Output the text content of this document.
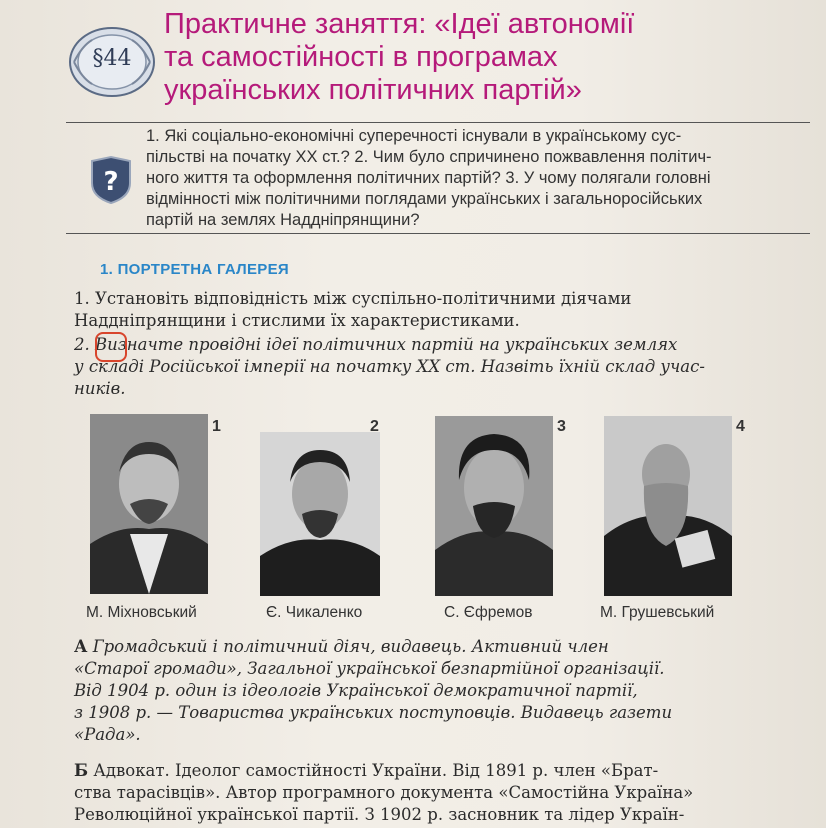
§44
Практичне заняття: «Ідеї автономії
та самостійності в програмах
українських політичних партій»
?

1. Які соціально-економічні суперечності існували в українському сус-
пільстві на початку ХХ ст.? 2. Чим було спричинено пожвавлення політич-
ного життя та оформлення політичних партій? 3. У чому полягали головні
відмінності між політичними поглядами українських і загальноросійських
партій на землях Наддніпрянщини?

1. ПОРТРЕТНА ГАЛЕРЕЯ
1. Установіть відповідність між суспільно-політичними діячами
Наддніпрянщини і стислими їх характеристиками.
2. Визначте провідні ідеї політичних партій на українських землях
у складі Російської імперії на початку ХХ ст. Назвіть їхній склад учас-
ників.
1
М. Міхновський
2
Є. Чикаленко
3
С. Єфремов
4
М. Грушевський
А Громадський і політичний діяч, видавець. Активний член
«Старої громади», Загальної української безпартійної організації.
Від 1904 р. один із ідеологів Української демократичної партії,
з 1908 р. — Товариства українських поступовців. Видавець газети
«Рада».
Б Адвокат. Ідеолог самостійності України. Від 1891 р. член «Брат-
ства тарасівців». Автор програмного документа «Самостійна Україна»
Революційної української партії. З 1902 р. засновник та лідер Україн-
